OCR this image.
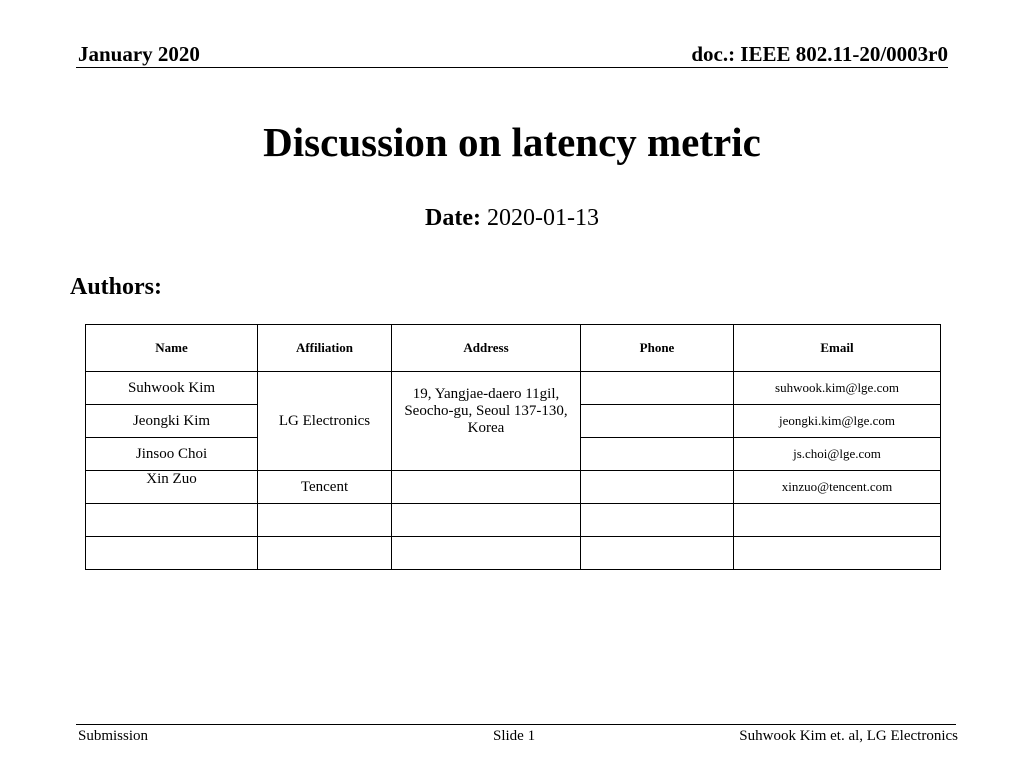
January 2020	doc.: IEEE 802.11-20/0003r0
Discussion on latency metric
Date: 2020-01-13
Authors:
Name	Affiliation	Address	Phone	Email
Suhwook Kim	LG Electronics	19, Yangjae-daero 11gil, Seocho-gu, Seoul 137-130, Korea		suhwook.kim@lge.com
Jeongki Kim				jeongki.kim@lge.com
Jinsoo Choi				js.choi@lge.com
Xin Zuo	Tencent			xinzuo@tencent.com

Submission	Slide 1	Suhwook Kim et. al, LG Electronics
